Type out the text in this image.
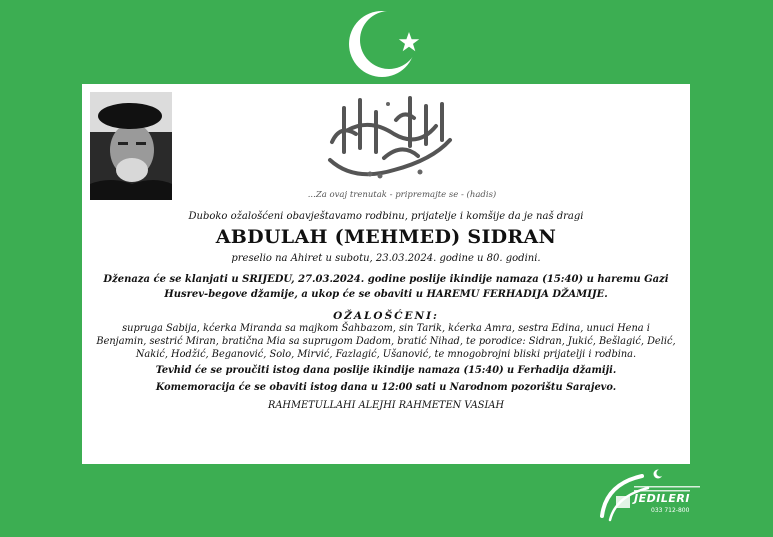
...Za ovaj trenutak - pripremajte se - (hadis)
Duboko ožalošćeni obavještavamo rodbinu, prijatelje i komšije da je naš dragi
ABDULAH (MEHMED) SIDRAN
preselio na Ahiret u subotu, 23.03.2024. godine u 80. godini.
Dženaza će se klanjati u SRIJEDU, 27.03.2024. godine poslije ikindije namaza (15:40) u haremu Gazi Husrev-begove džamije, a ukop će se obaviti u HAREMU FERHADIJA DŽAMIJE.
OŽALOŠĆENI:
supruga Sabija, kćerka Miranda sa majkom Šahbazom, sin Tarik, kćerka Amra, sestra Edina, unuci Hena i Benjamin, sestrić Miran, bratična Mia sa suprugom Dadom, bratić Nihad, te porodice: Sidran, Jukić, Bešlagić, Delić, Nakić, Hodžić, Beganović, Solo, Mirvić, Fazlagić, Ušanović, te mnogobrojni bliski prijatelji i rodbina.
Tevhid će se proučiti istog dana poslije ikindije namaza (15:40) u Ferhadija džamiji.
Komemoracija će se obaviti istog dana u 12:00 sati u Narodnom pozorištu Sarajevo.
RAHMETULLAHI ALEJHI RAHMETEN VASIAH
JEDILERI
033 712-800
